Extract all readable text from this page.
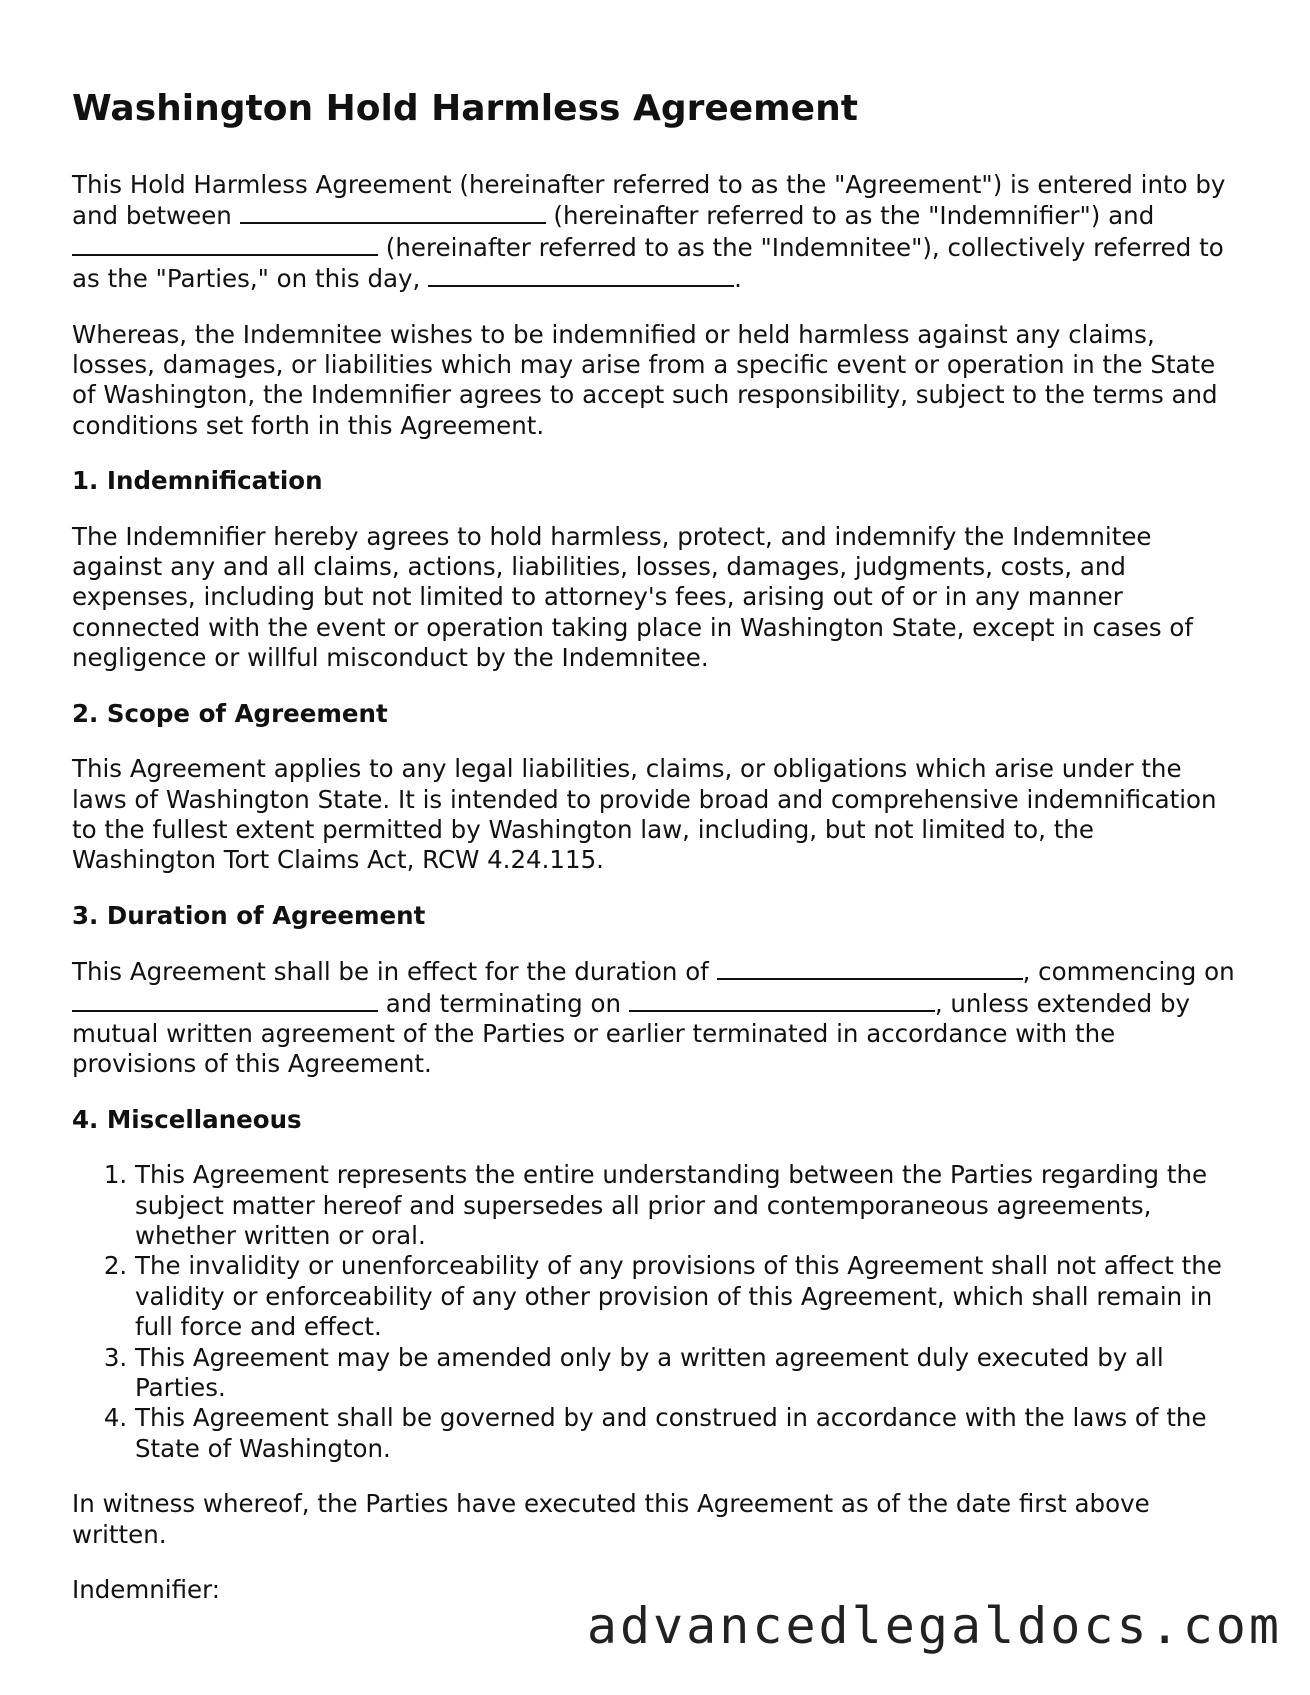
Washington Hold Harmless Agreement

This Hold Harmless Agreement (hereinafter referred to as the "Agreement") is entered into by and between	(hereinafter referred to as the "Indemnifier") and  (hereinafter referred to as the "Indemnitee"), collectively referred to as the "Parties," on this day,	.

Whereas, the Indemnitee wishes to be indemnified or held harmless against any claims, losses, damages, or liabilities which may arise from a specific event or operation in the State of Washington, the Indemnifier agrees to accept such responsibility, subject to the terms and conditions set forth in this Agreement.

1. Indemnification

The Indemnifier hereby agrees to hold harmless, protect, and indemnify the Indemnitee against any and all claims, actions, liabilities, losses, damages, judgments, costs, and expenses, including but not limited to attorney's fees, arising out of or in any manner connected with the event or operation taking place in Washington State, except in cases of negligence or willful misconduct by the Indemnitee.

2. Scope of Agreement

This Agreement applies to any legal liabilities, claims, or obligations which arise under the laws of Washington State. It is intended to provide broad and comprehensive indemnification to the fullest extent permitted by Washington law, including, but not limited to, the Washington Tort Claims Act, RCW 4.24.115.

3. Duration of Agreement

This Agreement shall be in effect for the duration of	, commencing on  and terminating on	, unless extended by mutual written agreement of the Parties or earlier terminated in accordance with the provisions of this Agreement.

4. Miscellaneous
1. This Agreement represents the entire understanding between the Parties regarding the subject matter hereof and supersedes all prior and contemporaneous agreements, whether written or oral.
2. The invalidity or unenforceability of any provisions of this Agreement shall not affect the validity or enforceability of any other provision of this Agreement, which shall remain in full force and effect.
3. This Agreement may be amended only by a written agreement duly executed by all Parties.
4. This Agreement shall be governed by and construed in accordance with the laws of the State of Washington.

In witness whereof, the Parties have executed this Agreement as of the date first above written.

Indemnifier:

advancedlegaldocs.com
